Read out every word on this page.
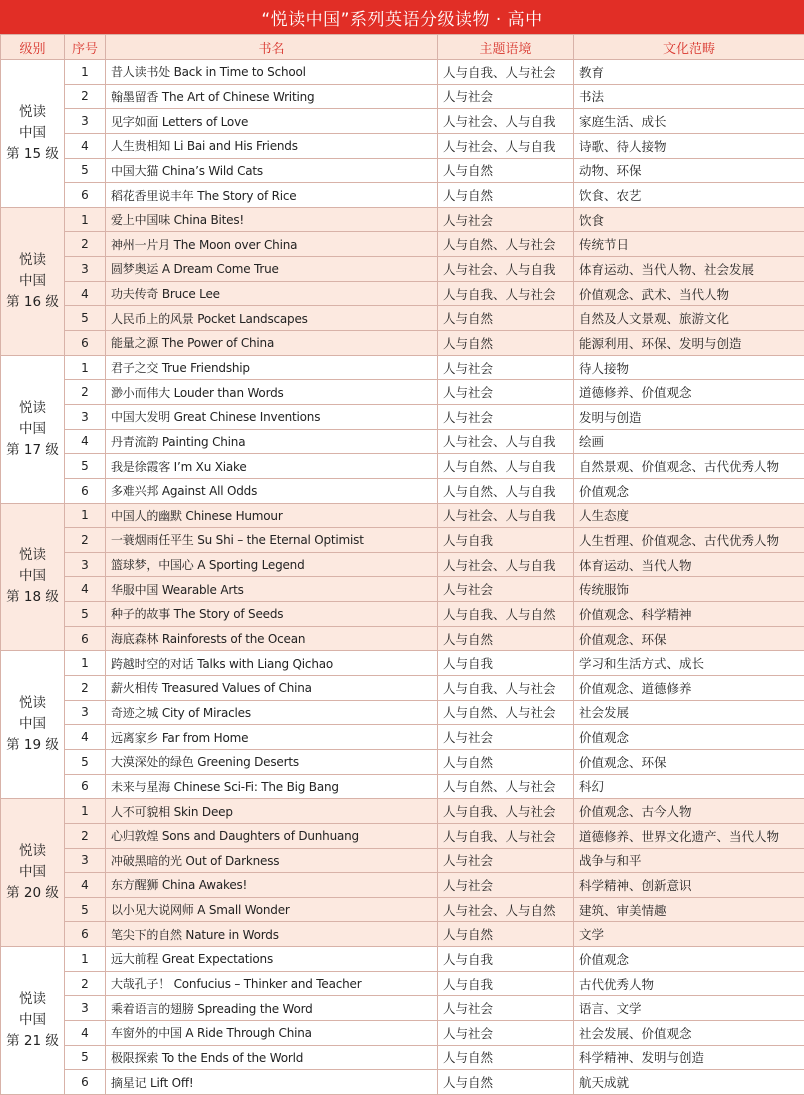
“悦读中国”系列英语分级读物 · 高中
级别	序号	书名	主题语境	文化范畴

悦读
中国
第 15 级	1	昔人读书处 Back in Time to School	人与自我、人与社会	教育
	2	翰墨留香 The Art of Chinese Writing	人与社会	书法
	3	见字如面 Letters of Love	人与社会、人与自我	家庭生活、成长
	4	人生贵相知 Li Bai and His Friends	人与社会、人与自我	诗歌、待人接物
	5	中国大猫 China’s Wild Cats	人与自然	动物、环保
	6	稻花香里说丰年 The Story of Rice	人与自然	饮食、农艺

悦读
中国
第 16 级	1	爱上中国味 China Bites!	人与社会	饮食
	2	神州一片月 The Moon over China	人与自然、人与社会	传统节日
	3	圆梦奥运 A Dream Come True	人与社会、人与自我	体育运动、当代人物、社会发展
	4	功夫传奇 Bruce Lee	人与自我、人与社会	价值观念、武术、当代人物
	5	人民币上的风景 Pocket Landscapes	人与自然	自然及人文景观、旅游文化
	6	能量之源 The Power of China	人与自然	能源利用、环保、发明与创造

悦读
中国
第 17 级	1	君子之交 True Friendship	人与社会	待人接物
	2	渺小而伟大 Louder than Words	人与社会	道德修养、价值观念
	3	中国大发明 Great Chinese Inventions	人与社会	发明与创造
	4	丹青流韵 Painting China	人与社会、人与自我	绘画
	5	我是徐霞客 I’m Xu Xiake	人与自然、人与自我	自然景观、价值观念、古代优秀人物
	6	多难兴邦 Against All Odds	人与自然、人与自我	价值观念

悦读
中国
第 18 级	1	中国人的幽默 Chinese Humour	人与社会、人与自我	人生态度
	2	一蓑烟雨任平生 Su Shi – the Eternal Optimist	人与自我	人生哲理、价值观念、古代优秀人物
	3	篮球梦，中国心 A Sporting Legend	人与社会、人与自我	体育运动、当代人物
	4	华服中国 Wearable Arts	人与社会	传统服饰
	5	种子的故事 The Story of Seeds	人与自我、人与自然	价值观念、科学精神
	6	海底森林 Rainforests of the Ocean	人与自然	价值观念、环保

悦读
中国
第 19 级	1	跨越时空的对话 Talks with Liang Qichao	人与自我	学习和生活方式、成长
	2	薪火相传 Treasured Values of China	人与自我、人与社会	价值观念、道德修养
	3	奇迹之城 City of Miracles	人与自然、人与社会	社会发展
	4	远离家乡 Far from Home	人与社会	价值观念
	5	大漠深处的绿色 Greening Deserts	人与自然	价值观念、环保
	6	未来与星海 Chinese Sci-Fi: The Big Bang	人与自然、人与社会	科幻

悦读
中国
第 20 级	1	人不可貌相 Skin Deep	人与自我、人与社会	价值观念、古今人物
	2	心归敦煌 Sons and Daughters of Dunhuang	人与自我、人与社会	道德修养、世界文化遗产、当代人物
	3	冲破黑暗的光 Out of Darkness	人与社会	战争与和平
	4	东方醒狮 China Awakes!	人与社会	科学精神、创新意识
	5	以小见大说网师 A Small Wonder	人与社会、人与自然	建筑、审美情趣
	6	笔尖下的自然 Nature in Words	人与自然	文学

悦读
中国
第 21 级	1	远大前程 Great Expectations	人与自我	价值观念
	2	大哉孔子！ Confucius – Thinker and Teacher	人与自我	古代优秀人物
	3	乘着语言的翅膀 Spreading the Word	人与社会	语言、文学
	4	车窗外的中国 A Ride Through China	人与社会	社会发展、价值观念
	5	极限探索 To the Ends of the World	人与自然	科学精神、发明与创造
	6	摘星记 Lift Off!	人与自然	航天成就
